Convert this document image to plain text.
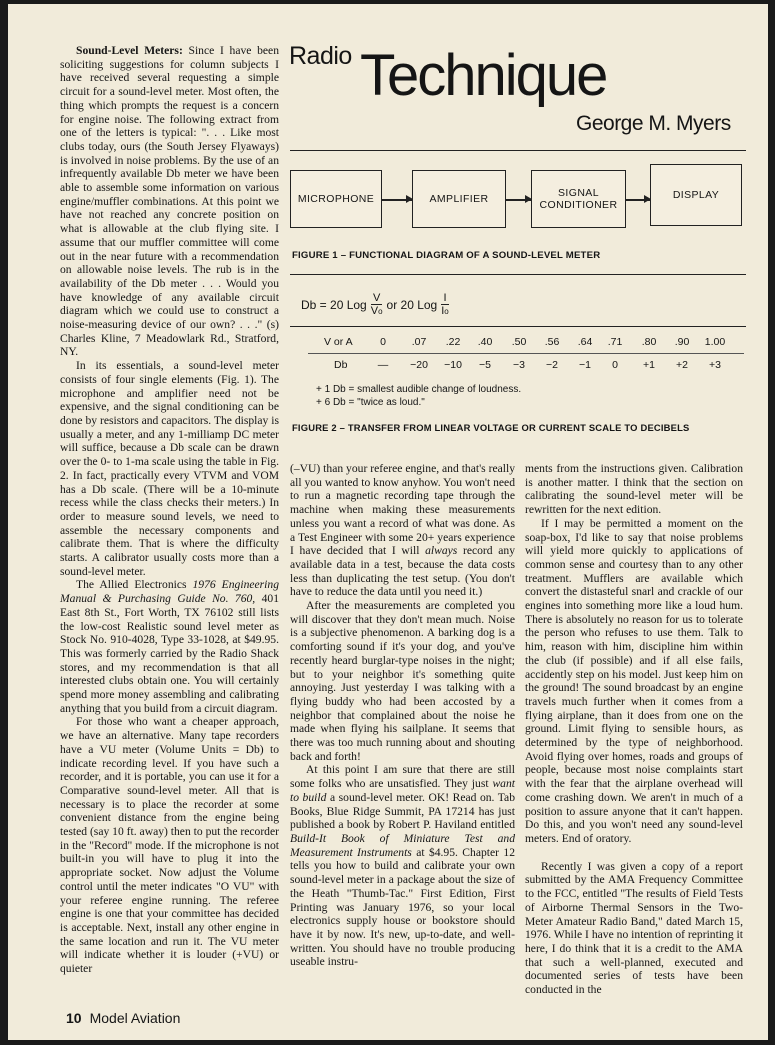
Radio Technique
George M. Myers
MICROPHONE	AMPLIFIER	SIGNAL CONDITIONER
DISPLAY
FIGURE 1 – FUNCTIONAL DIAGRAM OF A SOUND-LEVEL METER
Db = 20 Log $\frac{V}{Vo}$ or 20 Log $\frac{I}{Io}$
V or A	0	.07	.22	.40	.50	.56	.64	.71	.80	.90	1.00
Db	—	−20	−10	−5	−3	−2	−1	0	+1	+2	+3
+ 1 Db = smallest audible change of loudness.
+ 6 Db = "twice as loud."
FIGURE 2 – TRANSFER FROM LINEAR VOLTAGE OR CURRENT SCALE TO DECIBELS

Sound-Level Meters: Since I have been soliciting suggestions for column subjects I have received several requesting a simple circuit for a sound-level meter. Most often, the thing which prompts the request is a concern for engine noise. The following extract from one of the letters is typical: ". . . Like most clubs today, ours (the South Jersey Flyaways) is involved in noise problems. By the use of an infrequently available Db meter we have been able to assemble some information on various engine/muffler combinations. At this point we have not reached any concrete position on what is allowable at the club flying site. I assume that our muffler committee will come out in the near future with a recommendation on allowable noise levels. The rub is in the availability of the Db meter . . . Would you have knowledge of any available circuit diagram which we could use to construct a noise-measuring device of our own? . . ." (s) Charles Kline, 7 Meadowlark Rd., Stratford, NY.

In its essentials, a sound-level meter consists of four single elements (Fig. 1). The microphone and amplifier need not be expensive, and the signal conditioning can be done by resistors and capacitors. The display is usually a meter, and any 1-milliamp DC meter will suffice, because a Db scale can be drawn over the 0- to 1-ma scale using the table in Fig. 2. In fact, practically every VTVM and VOM has a Db scale. (There will be a 10-minute recess while the class checks their meters.) In order to measure sound levels, we need to assemble the necessary components and calibrate them. That is where the difficulty starts. A calibrator usually costs more than a sound-level meter.

The Allied Electronics 1976 Engineering Manual & Purchasing Guide No. 760, 401 East 8th St., Fort Worth, TX 76102 still lists the low-cost Realistic sound level meter as Stock No. 910-4028, Type 33-1028, at $49.95. This was formerly carried by the Radio Shack stores, and my recommendation is that all interested clubs obtain one. You will certainly spend more money assembling and calibrating anything that you build from a circuit diagram.

For those who want a cheaper approach, we have an alternative. Many tape recorders have a VU meter (Volume Units = Db) to indicate recording level. If you have such a recorder, and it is portable, you can use it for a Comparative sound-level meter. All that is necessary is to place the recorder at some convenient distance from the engine being tested (say 10 ft. away) then to put the recorder in the "Record" mode. If the microphone is not built-in you will have to plug it into the appropriate socket. Now adjust the Volume control until the meter indicates "O VU" with your referee engine running. The referee engine is one that your committee has decided is acceptable. Next, install any other engine in the same location and run it. The VU meter will indicate whether it is louder (+VU) or quieter

(–VU) than your referee engine, and that's really all you wanted to know anyhow. You won't need to run a magnetic recording tape through the machine when making these measurements unless you want a record of what was done. As a Test Engineer with some 20+ years experience I have decided that I will always record any available data in a test, because the data costs less than duplicating the test setup. (You don't have to reduce the data until you need it.)

After the measurements are completed you will discover that they don't mean much. Noise is a subjective phenomenon. A barking dog is a comforting sound if it's your dog, and you've recently heard burglar-type noises in the night; but to your neighbor it's something quite annoying. Just yesterday I was talking with a flying buddy who had been accosted by a neighbor that complained about the noise he made when flying his sailplane. It seems that there was too much running about and shouting back and forth!

At this point I am sure that there are still some folks who are unsatisfied. They just want to build a sound-level meter. OK! Read on. Tab Books, Blue Ridge Summit, PA 17214 has just published a book by Robert P. Haviland entitled Build-It Book of Miniature Test and Measurement Instruments at $4.95. Chapter 12 tells you how to build and calibrate your own sound-level meter in a package about the size of the Heath "Thumb-Tac." First Edition, First Printing was January 1976, so your local electronics supply house or bookstore should have it by now. It's new, up-to-date, and well-written. You should have no trouble producing useable instru-

ments from the instructions given. Calibration is another matter. I think that the section on calibrating the sound-level meter will be rewritten for the next edition.

If I may be permitted a moment on the soap-box, I'd like to say that noise problems will yield more quickly to applications of common sense and courtesy than to any other treatment. Mufflers are available which convert the distasteful snarl and crackle of our engines into something more like a loud hum. There is absolutely no reason for us to tolerate the person who refuses to use them. Talk to him, reason with him, discipline him within the club (if possible) and if all else fails, accidently step on his model. Just keep him on the ground! The sound broadcast by an engine travels much further when it comes from a flying airplane, than it does from one on the ground. Limit flying to sensible hours, as determined by the type of neighborhood. Avoid flying over homes, roads and groups of people, because most noise complaints start with the fear that the airplane overhead will come crashing down. We aren't in much of a position to assure anyone that it can't happen. Do this, and you won't need any sound-level meters. End of oratory.

Recently I was given a copy of a report submitted by the AMA Frequency Committee to the FCC, entitled "The results of Field Tests of Airborne Thermal Sensors in the Two-Meter Amateur Radio Band," dated March 15, 1976. While I have no intention of reprinting it here, I do think that it is a credit to the AMA that such a well-planned, executed and documented series of tests have been conducted in the

10 Model Aviation
